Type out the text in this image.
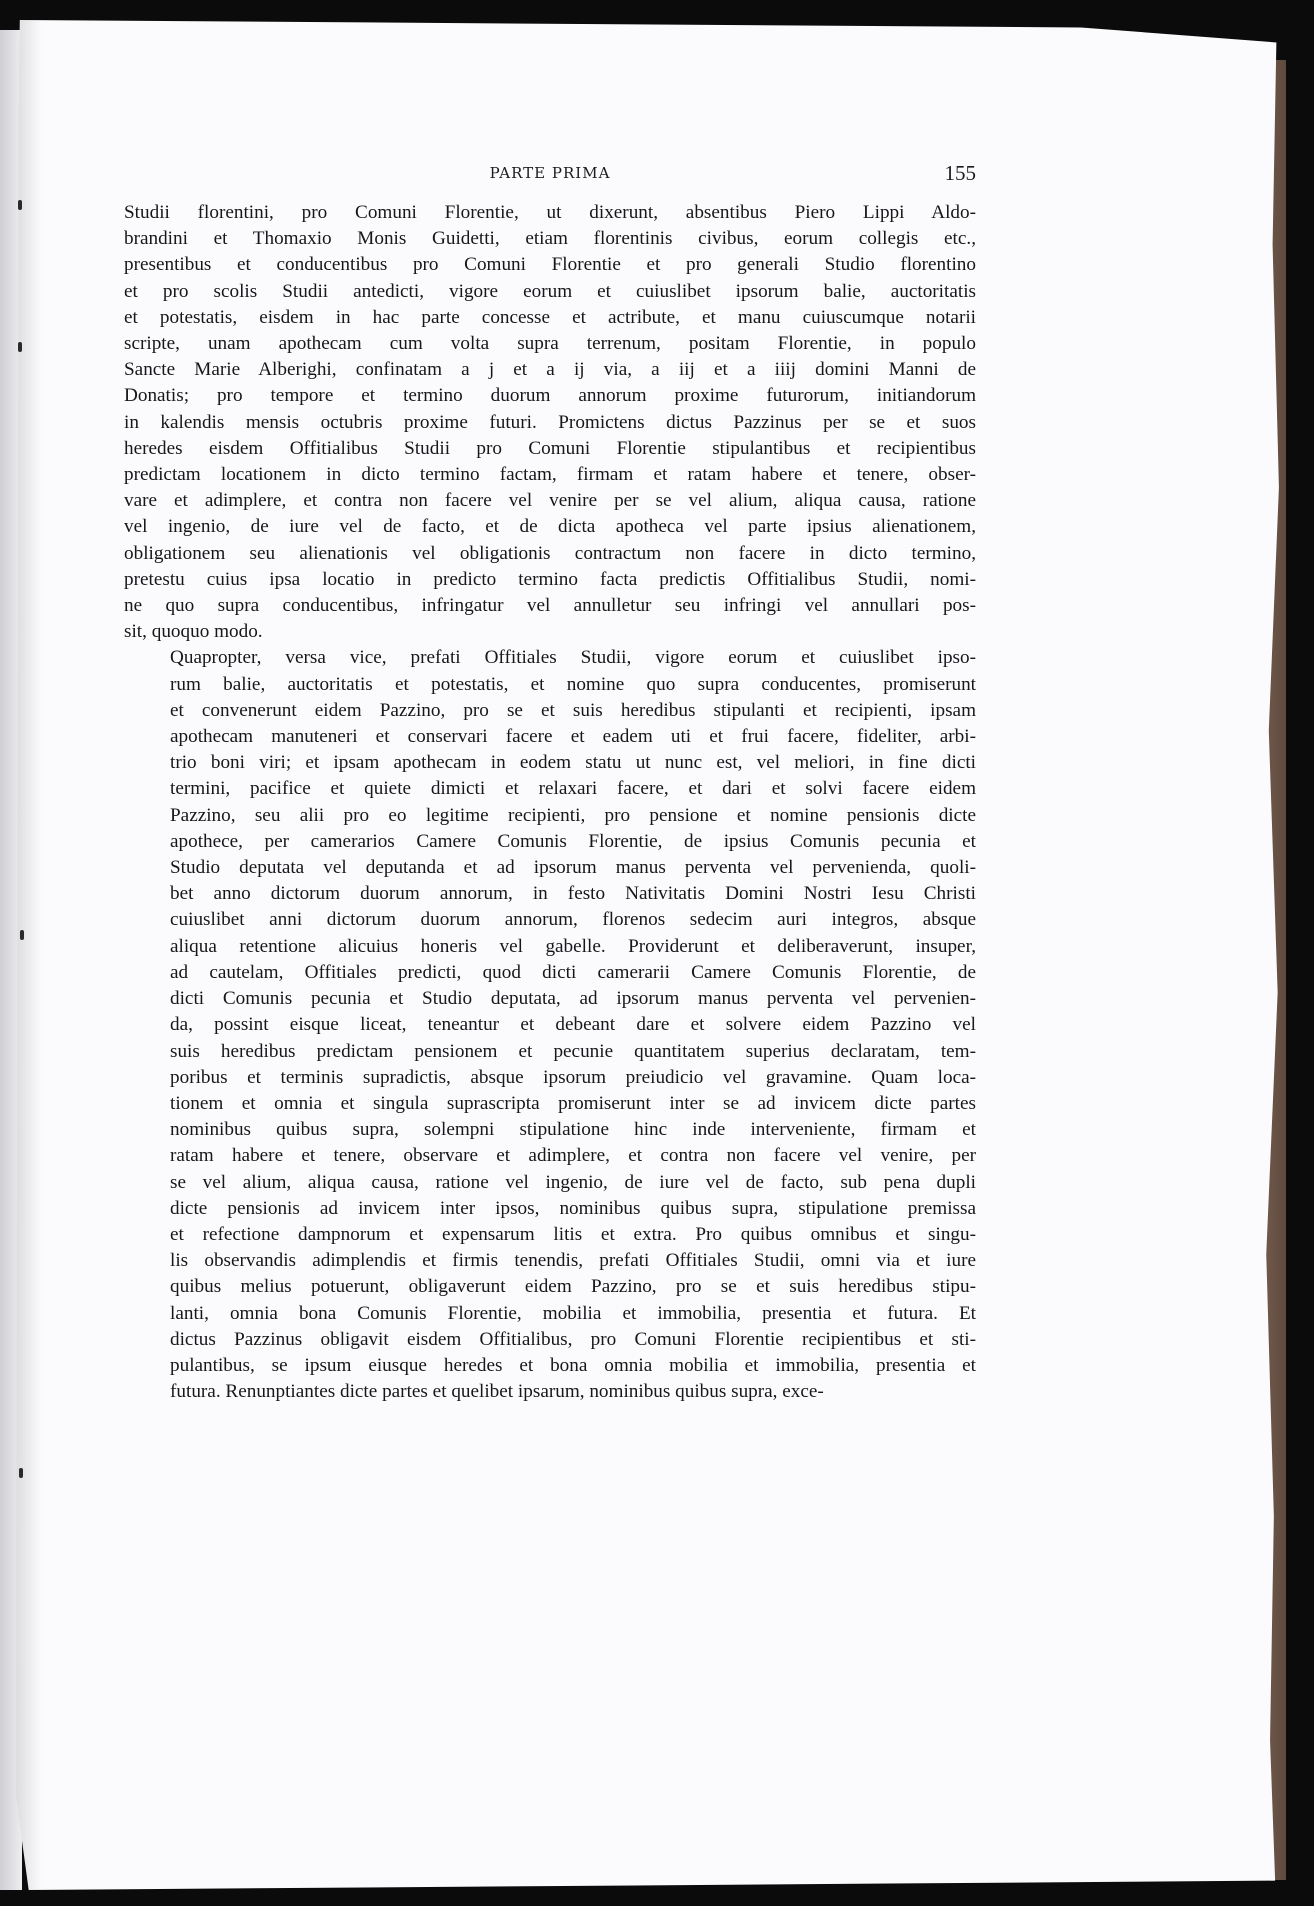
PARTE PRIMA	155

Studii florentini, pro Comuni Florentie, ut dixerunt, absentibus Piero Lippi Aldo-
brandini et Thomaxio Monis Guidetti, etiam florentinis civibus, eorum collegis etc.,
presentibus et conducentibus pro Comuni Florentie et pro generali Studio florentino
et pro scolis Studii antedicti, vigore eorum et cuiuslibet ipsorum balie, auctoritatis
et potestatis, eisdem in hac parte concesse et actribute, et manu cuiuscumque notarii
scripte, unam apothecam cum volta supra terrenum, positam Florentie, in populo
Sancte Marie Alberighi, confinatam a j et a ij via, a iij et a iiij domini Manni de
Donatis; pro tempore et termino duorum annorum proxime futurorum, initiandorum
in kalendis mensis octubris proxime futuri. Promictens dictus Pazzinus per se et suos
heredes eisdem Offitialibus Studii pro Comuni Florentie stipulantibus et recipientibus
predictam locationem in dicto termino factam, firmam et ratam habere et tenere, obser-
vare et adimplere, et contra non facere vel venire per se vel alium, aliqua causa, ratione
vel ingenio, de iure vel de facto, et de dicta apotheca vel parte ipsius alienationem,
obligationem seu alienationis vel obligationis contractum non facere in dicto termino,
pretestu cuius ipsa locatio in predicto termino facta predictis Offitialibus Studii, nomi-
ne quo supra conducentibus, infringatur vel annulletur seu infringi vel annullari pos-
sit, quoquo modo.

Quapropter, versa vice, prefati Offitiales Studii, vigore eorum et cuiuslibet ipso-
rum balie, auctoritatis et potestatis, et nomine quo supra conducentes, promiserunt
et convenerunt eidem Pazzino, pro se et suis heredibus stipulanti et recipienti, ipsam
apothecam manuteneri et conservari facere et eadem uti et frui facere, fideliter, arbi-
trio boni viri; et ipsam apothecam in eodem statu ut nunc est, vel meliori, in fine dicti
termini, pacifice et quiete dimicti et relaxari facere, et dari et solvi facere eidem
Pazzino, seu alii pro eo legitime recipienti, pro pensione et nomine pensionis dicte
apothece, per camerarios Camere Comunis Florentie, de ipsius Comunis pecunia et
Studio deputata vel deputanda et ad ipsorum manus perventa vel pervenienda, quoli-
bet anno dictorum duorum annorum, in festo Nativitatis Domini Nostri Iesu Christi
cuiuslibet anni dictorum duorum annorum, florenos sedecim auri integros, absque
aliqua retentione alicuius honeris vel gabelle. Providerunt et deliberaverunt, insuper,
ad cautelam, Offitiales predicti, quod dicti camerarii Camere Comunis Florentie, de
dicti Comunis pecunia et Studio deputata, ad ipsorum manus perventa vel pervenien-
da, possint eisque liceat, teneantur et debeant dare et solvere eidem Pazzino vel
suis heredibus predictam pensionem et pecunie quantitatem superius declaratam, tem-
poribus et terminis supradictis, absque ipsorum preiudicio vel gravamine. Quam loca-
tionem et omnia et singula suprascripta promiserunt inter se ad invicem dicte partes
nominibus quibus supra, solempni stipulatione hinc inde interveniente, firmam et
ratam habere et tenere, observare et adimplere, et contra non facere vel venire, per
se vel alium, aliqua causa, ratione vel ingenio, de iure vel de facto, sub pena dupli
dicte pensionis ad invicem inter ipsos, nominibus quibus supra, stipulatione premissa
et refectione dampnorum et expensarum litis et extra. Pro quibus omnibus et singu-
lis observandis adimplendis et firmis tenendis, prefati Offitiales Studii, omni via et iure
quibus melius potuerunt, obligaverunt eidem Pazzino, pro se et suis heredibus stipu-
lanti, omnia bona Comunis Florentie, mobilia et immobilia, presentia et futura. Et
dictus Pazzinus obligavit eisdem Offitialibus, pro Comuni Florentie recipientibus et sti-
pulantibus, se ipsum eiusque heredes et bona omnia mobilia et immobilia, presentia et
futura. Renunptiantes dicte partes et quelibet ipsarum, nominibus quibus supra, exce-
